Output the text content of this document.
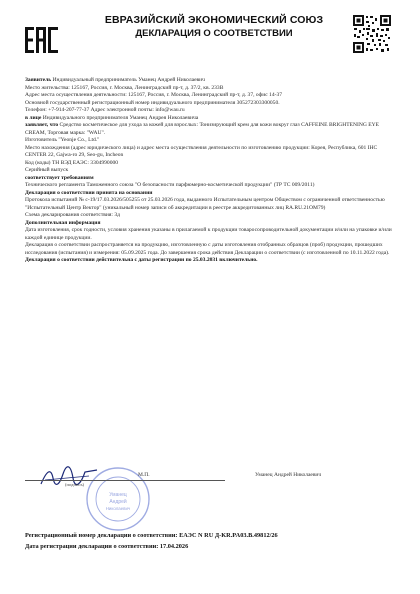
ЕВРАЗИЙСКИЙ ЭКОНОМИЧЕСКИЙ СОЮЗ
ДЕКЛАРАЦИЯ О СООТВЕТСТВИИ

Заявитель Индивидуальный предприниматель Уманец Андрей Николаевич

Место жительства: 125167, Россия, г. Москва, Ленинградский пр-т, д. 37/2, кв. 233В

Адрес места осуществления деятельности: 125167, Россия, г. Москва, Ленинградский пр-т, д. 37, офис 14-37

Основной государственный регистрационный номер индивидуального предпринимателя 305272303300050.

Телефон: +7-914-207-77-37 Адрес электронной почты: info@wau.ru

в лице Индивидуального предпринимателя Уманец Андрея Николаевича

заявляет, что Средство косметическое для ухода за кожей для взрослых: Тонизирующий крем для кожи вокруг глаз CAFFEINE BRIGHTENING EYE CREAM, Торговая марка: "WAU".

Изготовитель "Yeonje Co., Ltd."

Место нахождения (адрес юридического лица) и адрес места осуществления деятельности по изготовлению продукции: Корея, Республика, 601 IHC CENTER 22, Gajwa-ro 29, Seo-gu, Incheon

Код (коды) ТН ВЭД ЕАЭС: 3304990000

Серийный выпуск

соответствует требованиям

Технического регламента Таможенного союза "О безопасности парфюмерно-косметической продукции" (ТР ТС 009/2011)

Декларация о соответствии принята на основании

Протокола испытаний № с-19/17.03.2026/505255 от 25.03.2026 года, выданного Испытательным центром Обществом с ограниченной ответственностью "Испытательный Центр Вектор" (уникальный номер записи об аккредитации в реестре аккредитованных лиц RA.RU.21ОМ79)

Схема декларирования соответствия: 3д

Дополнительная информация

Дата изготовления, срок годности, условия хранения указаны в прилагаемой к продукции товаросопроводительной документации и/или на упаковке и/или каждой единице продукции.

Декларация о соответствии распространяется на продукцию, изготовленную с даты изготовления отобранных образцов (проб) продукции, прошедших исследования (испытания) и измерения: 05.09.2025 года. До завершения срока действия Декларации о соответствии (с изготовленной по 10.11.2022 года).

Декларация о соответствии действительна с даты регистрации по 25.03.2031 включительно.

Уманец
Андрей
Николаевич
М.П.
(подпись)
Уманец Андрей Николаевич
Регистрационный номер декларации о соответствии: ЕАЭС N RU Д-KR.PA03.B.49812/26
Дата регистрации декларации о соответствии: 17.04.2026
